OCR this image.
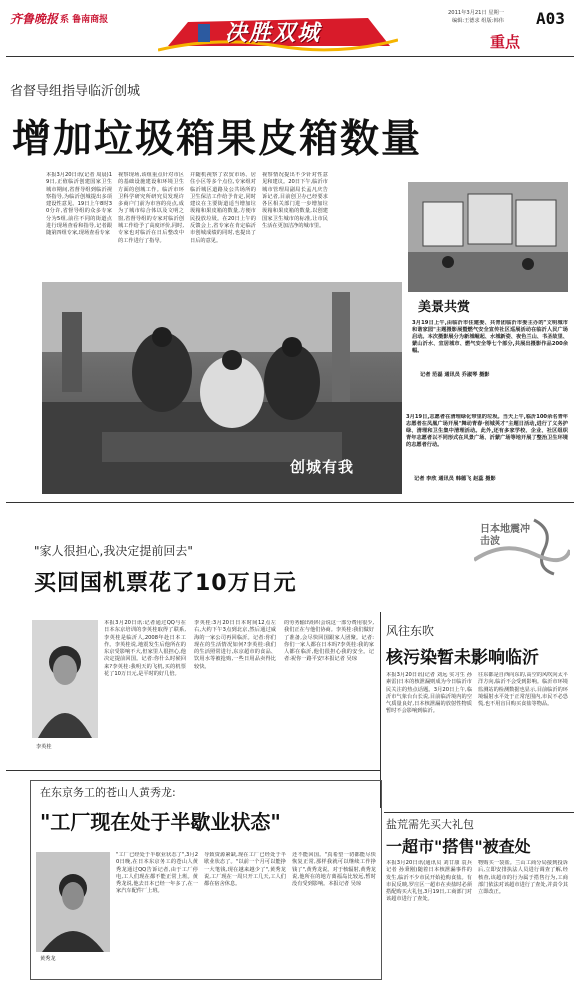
齐鲁晚报 系 鲁南商报
决胜双城
2011年3月21日 星期一
编辑:王德求 组版:韩伟 A03
重点
省督导组指导临沂创城
增加垃圾箱果皮箱数量
本报3月20日讯(记者 周晨)19日,正值临沂创建国家卫生城市期间,省督导组到临沂视察指导,为临沂创城提出多项建设性意见。19日上午8时30分许,省督导组的众多专家分为5组,前往不同的街道点进行现场查看和指导,记者跟随第四组专家,现场查看专家
视察现场,该组重点针对市区的基础设施建设和环境卫生方面的创城工作。临沂市环卫科学研究所研究员发现许多商户门前为市容的亮点,成为了城市综合体以及文明之窗,省督导组的专家对临沂创城工作给予了高度评价,同时,专家也对临沂在日后整改中的工作进行了指导。
并随机视察了农贸市场、居住小区等多个点位,专家组对临沂城区道路及公共场所的卫生保洁工作给予肯定,同时建议在主要街道适当增加垃圾箱和果皮箱的数量,方便市民投放垃圾。在20日上午的反馈会上,省专家在肯定临沂市创城成绩的同时,也提出了日后的意见。
视察情况提出不少针对性意见和建议。20日下午,临沂市城市管理局副局长孟凡庆告诉记者,目前创卫办已经要求各区相关部门进一步增加垃圾箱和果皮箱的数量,以创建国家卫生城市的标准,让市民生活在更加洁净的城市里。
创城有我
美景共赏
3月19日上午,由临沂市住建委、共青团临沂市委主办的"文明城市 和谐家园"主题摄影展暨燃气安全宣传社区巡展活动在临沂人民广场启动。本次摄影展分为新城崛起、水城新姿、夜色兰山、书圣故里、蒙山沂水、宜居城市、燃气安全等七个部分,共展出摄影作品200余幅。
记者 范磊 通讯员 乔淑琴 摄影
3月19日,志愿者在清理绿化带里的垃圾。当天上午,临沂100余名青年志愿者在凤凰广场开展"舞动青春·创城英才"主题日活动,进行了义务护绿、清理和卫生集中清理活动。此外,还有多家学校、企业、社区组织青年志愿者以不同形式在风景广场、沂蒙广场等地开展了整治卫生环境的志愿者行动。
记者 李欣 通讯员 韩德飞 赵蕊 摄影
日本地震冲击波
"家人很担心,我决定提前回去"
买回国机票花了10万日元
李英桂
本报3月20日讯:记者通过QQ与在日本东京培训的李英桂取得了联系,李英桂是临沂人,2008年赴日本工作。李英桂说,地震发生后他所在的东京受影响不大,但家里人很担心,他决定提前回国。记者:你什么时候回来?李英桂:我明天的飞机,买的机票花了10万日元,是平时的好几倍。
李英桂:3月20日日本时间12点左右,大约下午3点到北京,然后通过威海的一家公司再回临沂。记者:你们现在的生活情况如何?李英桂:我们的生活照常进行,东京超市的食品、饮用水等被抢购,一些日用品卖得比较快。
的劳务输出组织会说这一部分费用很少,我们正在与他们协商。李英桂:我们做好了准备,会尽快回国跟家人团聚。记者:你们一家人都在日本吗?李英桂:我的家人都在临沂,他们很担心我的安全。记者:祝你一路平安!本报记者 吴琼
风往东吹
核污染暂未影响临沂
本报3月20日讯(记者 刘远 实习生 孙素雷)日本的核泄漏则成为今日临沂市民关注的热点话题。3月20日上午,临沂市气象台台长说,目前临沂境内的空气质量良好,日本核泄漏的放射性物质暂时不会影响到临沂。
往东都是自西向东的,高空的风吹向太平洋方向,临沂不会受到影响。临沂市环境监测站的检测数据也显示,目前临沂的环境辐射水平处于正常范围内,市民不必恐慌,也不用盲目购买食盐等物品。
在东京务工的苍山人黄秀龙:
"工厂现在处于半歇业状态"
黄秀龙
"工厂已经处于半歇业状态了",3月20日晚,在日本东京务工的苍山人黄秀龙通过QQ告诉记者,由于工厂停电,工人们现在都不能正常上班。黄秀龙说,他去日本已经一年多了,在一家汽车配件厂上班。
导致资源紧缺,现在工厂已经处于半歇业状态了。"以前一个月可以能挣一大笔钱,现在越来越少了",黄秀龙说,工厂现在一周只开工几天,工人们都在宿舍休息。
还不能回国。"真希望一切都能尽快恢复正常,那样我就可以继续工作挣钱了",黄秀龙说。对于核辐射,黄秀龙说,他所在的地方离福岛比较远,暂时没有受到影响。本报记者 吴琼
盐荒需先买大礼包
一超市"搭售"被查处
本报3月20日讯(通讯员 刘廿康 袁兵 记者 孙秉刚)随着日本核泄漏事件的发生,临沂不少市民开始抢购食盐。有市民反映,罗庄区一超市在卖盐时必须搭配购买大礼包,3月19日,工商部门对该超市进行了查处。
物购买一袋盐。兰山工商分局接到投诉后,立即安排执法人员进行调查了解,经核查,该超市的行为属于搭售行为,工商部门依法对该超市进行了查处,并责令其立即改正。
